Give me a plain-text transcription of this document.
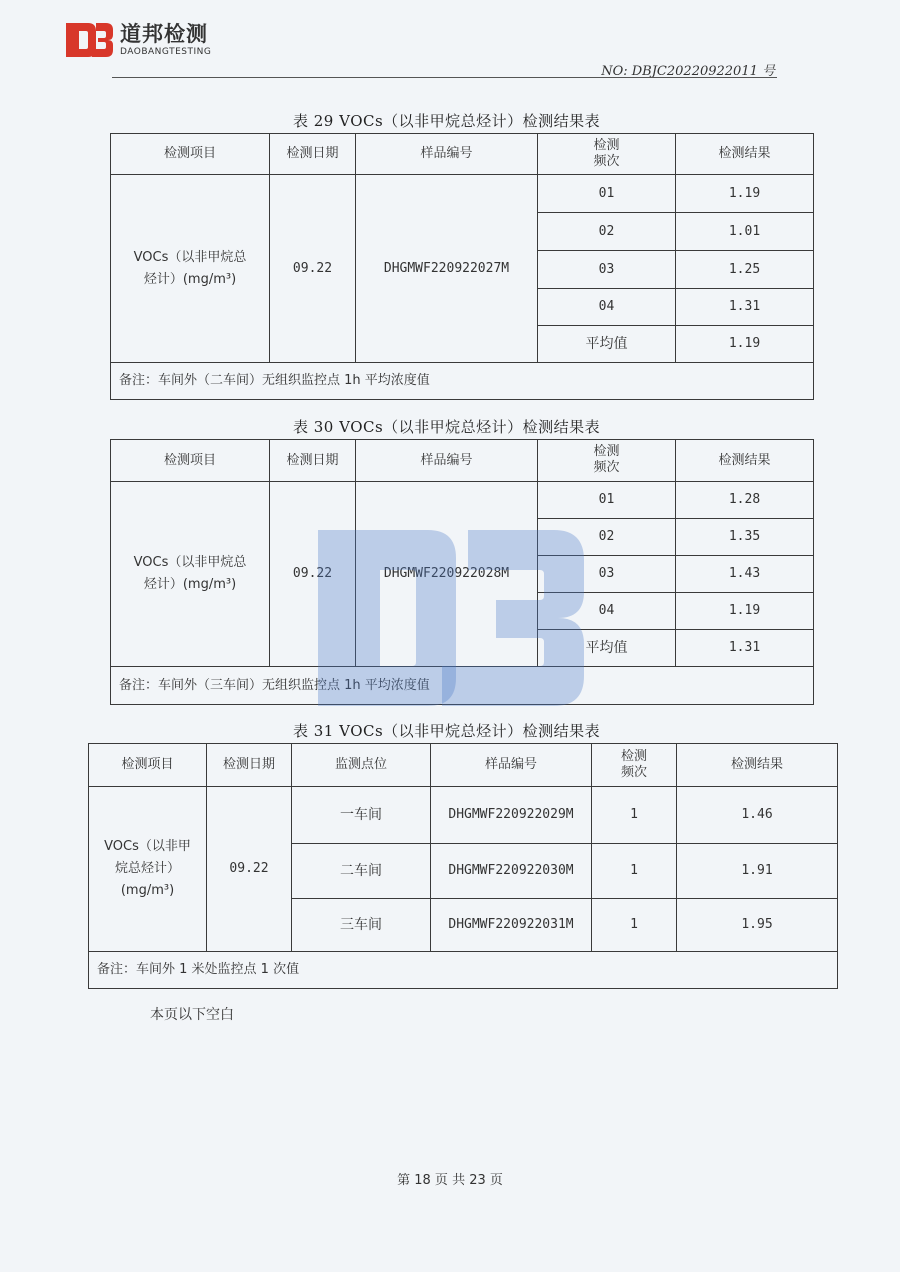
道邦检测
DAOBANGTESTING
NO: DBJC20220922011 号
表 29 VOCs（以非甲烷总烃计）检测结果表
检测项目	检测日期	样品编号	检测频次	检测结果

VOCs（以非甲烷总
烃计）(mg/m³)	09.22	DHGMWF220922027M	01	1.19
			02	1.01
			03	1.25
			04	1.31
			平均值	1.19
备注：车间外（二车间）无组织监控点 1h 平均浓度值				
表 30 VOCs（以非甲烷总烃计）检测结果表
检测项目	检测日期	样品编号	检测频次	检测结果

VOCs（以非甲烷总
烃计）(mg/m³)	09.22	DHGMWF220922028M	01	1.28
			02	1.35
			03	1.43
			04	1.19
			平均值	1.31
备注：车间外（三车间）无组织监控点 1h 平均浓度值				
表 31 VOCs（以非甲烷总烃计）检测结果表
检测项目	检测日期	监测点位	样品编号	检测频次	检测结果

VOCs（以非甲
烷总烃计）
(mg/m³)	09.22	一车间	DHGMWF220922029M	1	1.46
		二车间	DHGMWF220922030M	1	1.91
		三车间	DHGMWF220922031M	1	1.95
备注：车间外 1 米处监控点 1 次值					
本页以下空白
第 18 页 共 23 页
